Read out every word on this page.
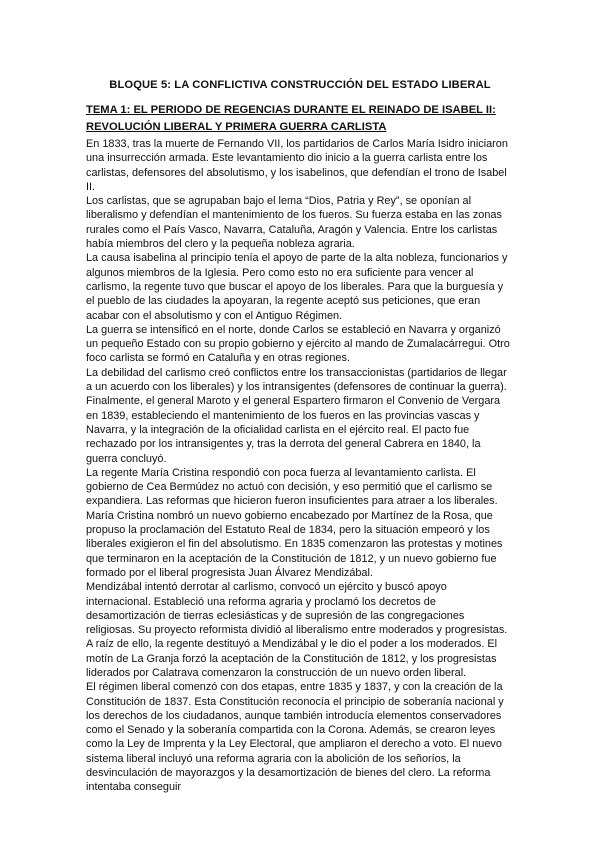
BLOQUE 5: LA CONFLICTIVA CONSTRUCCIÓN DEL ESTADO LIBERAL
TEMA 1: EL PERIODO DE REGENCIAS DURANTE EL REINADO DE ISABEL II:
REVOLUCIÓN LIBERAL Y PRIMERA GUERRA CARLISTA

En 1833, tras la muerte de Fernando VII, los partidarios de Carlos María Isidro iniciaron una insurrección armada. Este levantamiento dio inicio a la guerra carlista entre los carlistas, defensores del absolutismo, y los isabelinos, que defendían el trono de Isabel II.

Los carlistas, que se agrupaban bajo el lema “Dios, Patria y Rey”, se oponían al liberalismo y defendían el mantenimiento de los fueros. Su fuerza estaba en las zonas rurales como el País Vasco, Navarra, Cataluña, Aragón y Valencia. Entre los carlistas había miembros del clero y la pequeña nobleza agraria.

La causa isabelina al principio tenía el apoyo de parte de la alta nobleza, funcionarios y algunos miembros de la Iglesia. Pero como esto no era suficiente para vencer al carlismo, la regente tuvo que buscar el apoyo de los liberales. Para que la burguesía y el pueblo de las ciudades la apoyaran, la regente aceptó sus peticiones, que eran acabar con el absolutismo y con el Antiguo Régimen.

La guerra se intensificó en el norte, donde Carlos se estableció en Navarra y organizó un pequeño Estado con su propio gobierno y ejército al mando de Zumalacárregui. Otro foco carlista se formó en Cataluña y en otras regiones.

La debilidad del carlismo creó conflictos entre los transaccionistas (partidarios de llegar a un acuerdo con los liberales) y los intransigentes (defensores de continuar la guerra). Finalmente, el general Maroto y el general Espartero firmaron el Convenio de Vergara en 1839, estableciendo el mantenimiento de los fueros en las provincias vascas y Navarra, y la integración de la oficialidad carlista en el ejército real. El pacto fue rechazado por los intransigentes y, tras la derrota del general Cabrera en 1840, la guerra concluyó.

La regente María Cristina respondió con poca fuerza al levantamiento carlista. El gobierno de Cea Bermúdez no actuó con decisión, y eso permitió que el carlismo se expandiera. Las reformas que hicieron fueron insuficientes para atraer a los liberales.

María Cristina nombró un nuevo gobierno encabezado por Martínez de la Rosa, que propuso la proclamación del Estatuto Real de 1834, pero la situación empeoró y los liberales exigieron el fin del absolutismo. En 1835 comenzaron las protestas y motines que terminaron en la aceptación de la Constitución de 1812, y un nuevo gobierno fue formado por el liberal progresista Juan Álvarez Mendizábal.

Mendizábal intentó derrotar al carlismo, convocó un ejército y buscó apoyo internacional. Estableció una reforma agraria y proclamó los decretos de desamortización de tierras eclesiásticas y de supresión de las congregaciones religiosas. Su proyecto reformista dividió al liberalismo entre moderados y progresistas. A raíz de ello, la regente destituyó a Mendizábal y le dio el poder a los moderados. El motín de La Granja forzó la aceptación de la Constitución de 1812, y los progresistas liderados por Calatrava comenzaron la construcción de un nuevo orden liberal.

El régimen liberal comenzó con dos etapas, entre 1835 y 1837, y con la creación de la Constitución de 1837. Esta Constitución reconocía el principio de soberanía nacional y los derechos de los ciudadanos, aunque también introducía elementos conservadores como el Senado y la soberanía compartida con la Corona. Además, se crearon leyes como la Ley de Imprenta y la Ley Electoral, que ampliaron el derecho a voto. El nuevo sistema liberal incluyó una reforma agraria con la abolición de los señoríos, la desvinculación de mayorazgos y la desamortización de bienes del clero. La reforma intentaba conseguir
